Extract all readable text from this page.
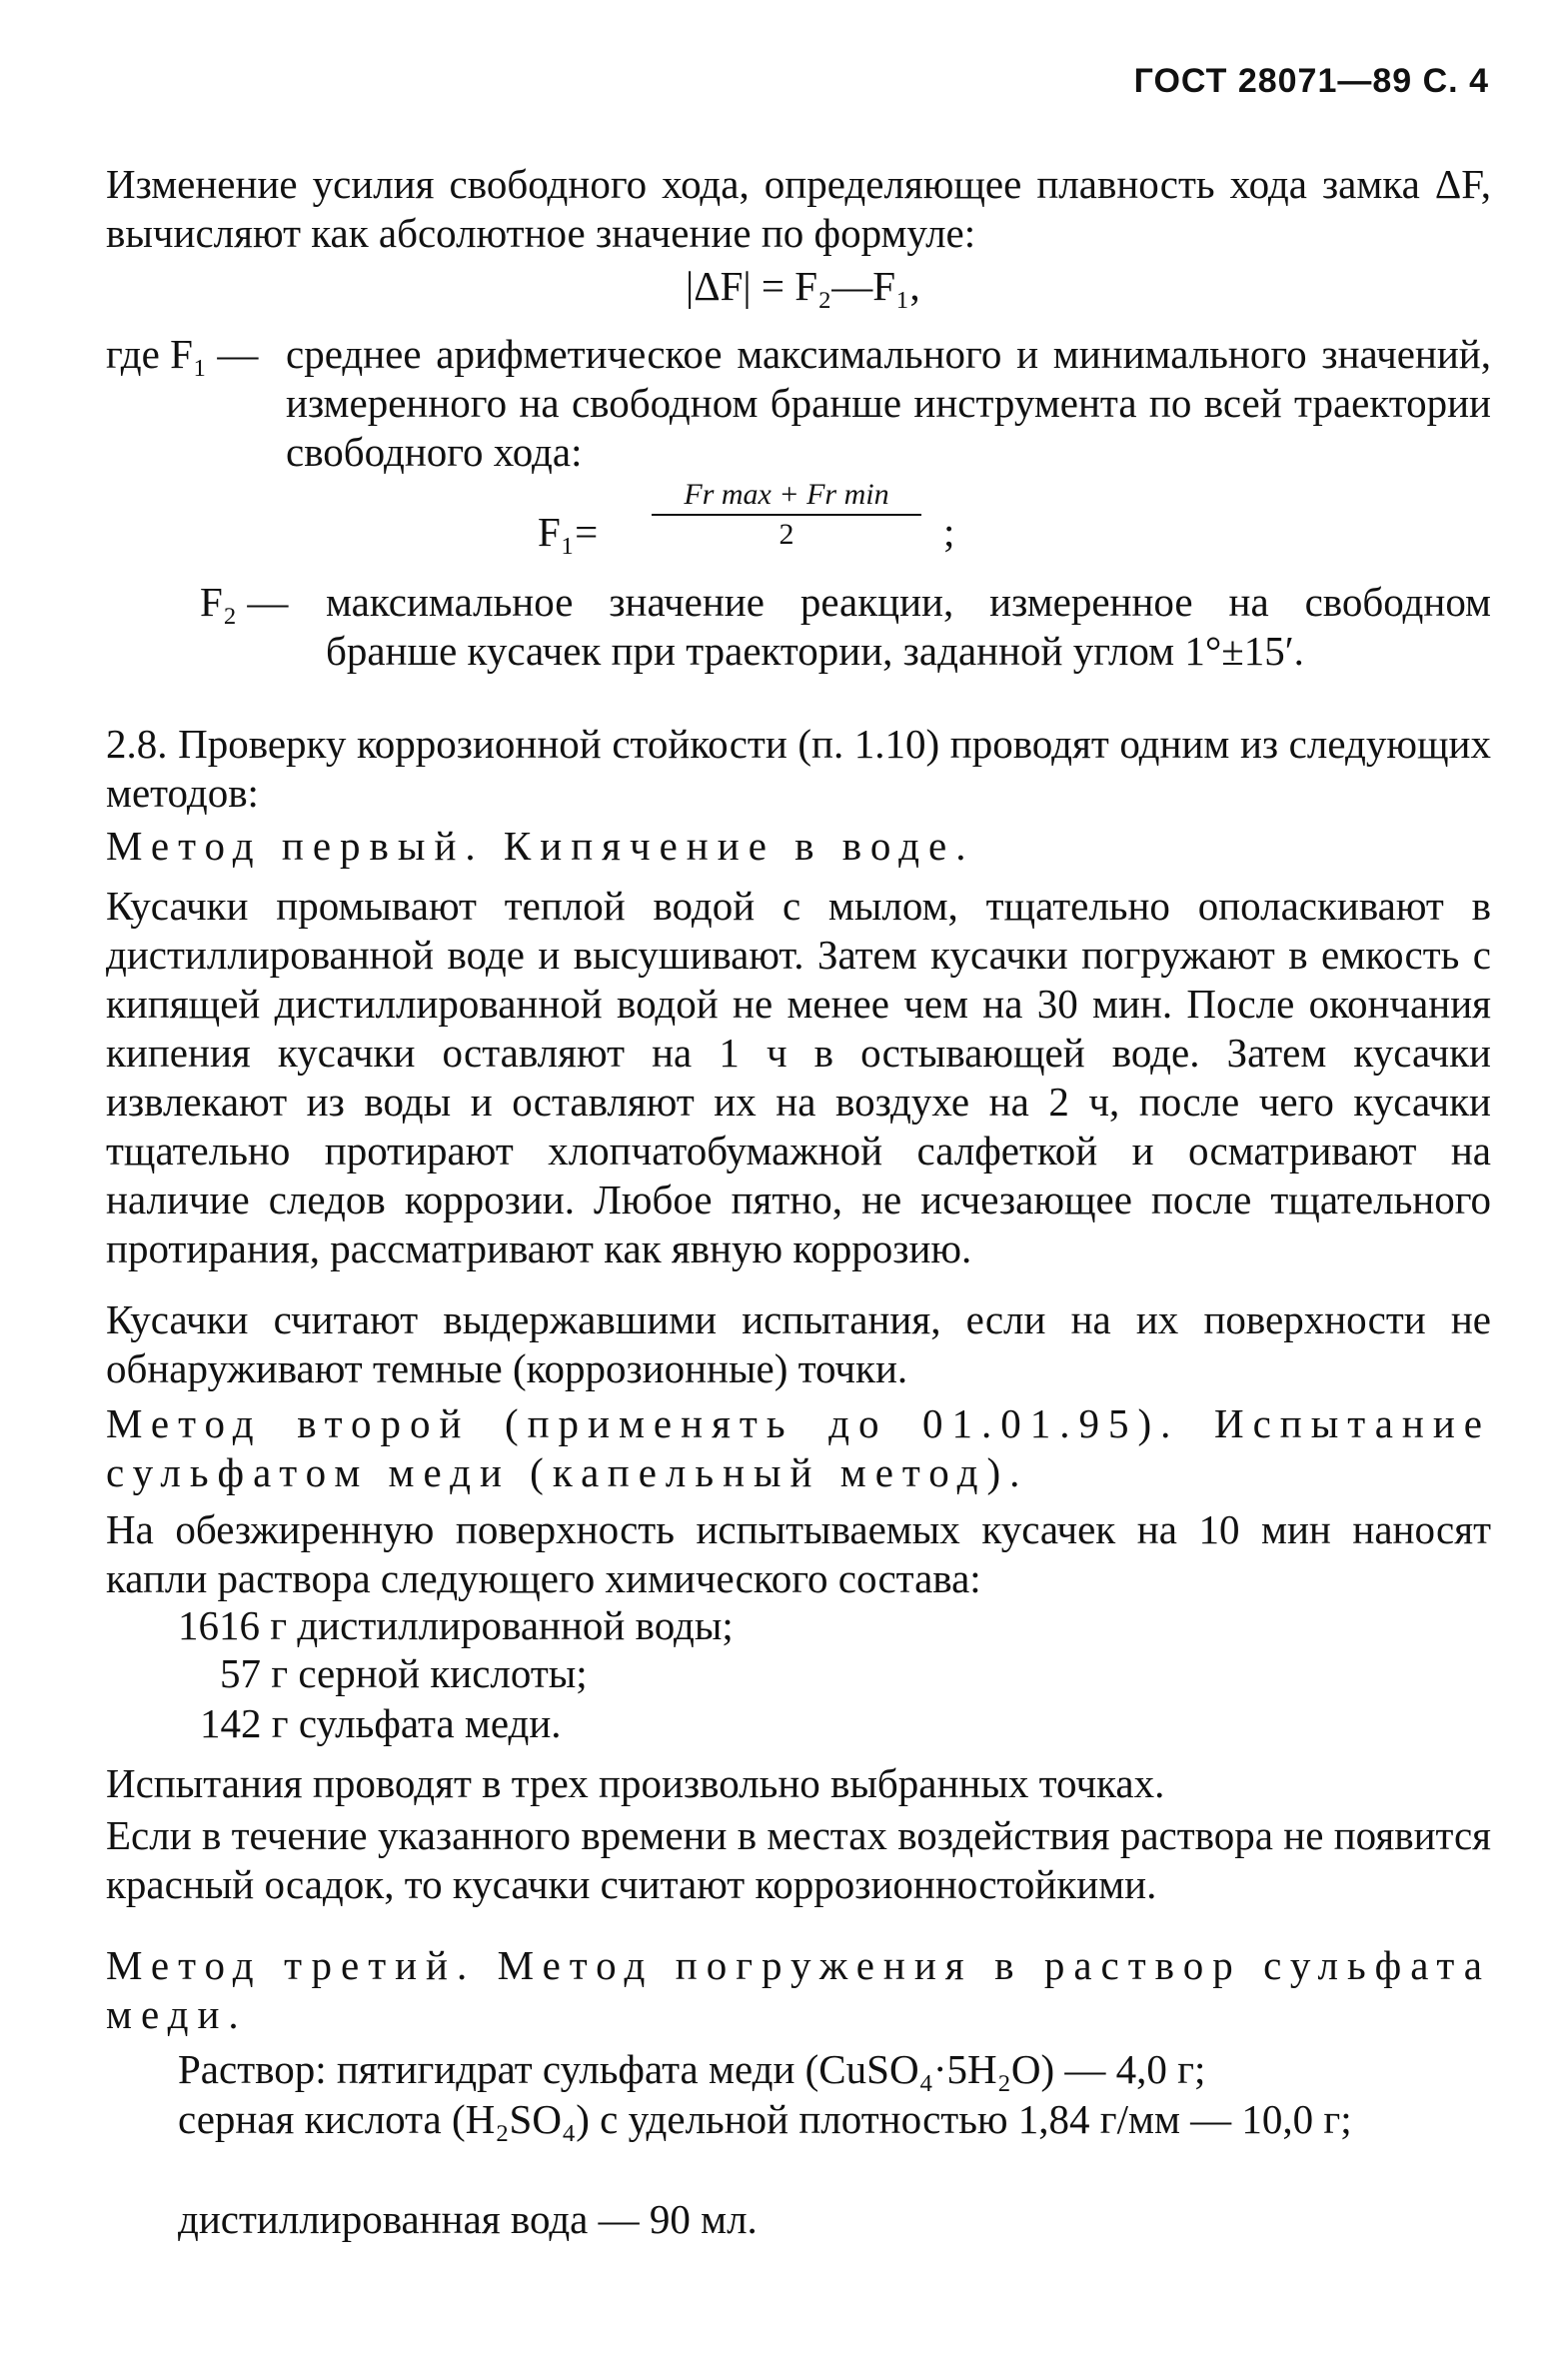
ГОСТ 28071—89 С. 4
Изменение усилия свободного хода, определяющее плавность хода замка ΔF, вычисляют как абсолютное значение по формуле:
|ΔF| = F₂—F₁,
где F₁ — среднее арифметическое максимального и минимального значений, измеренного на свободном бранше инструмента по всей траектории свободного хода:
F₁=
Fr max + Fr min
2	;
F₂ — максимальное значение реакции, измеренное на свободном бранше кусачек при траектории, заданной углом 1°±15′.
2.8. Проверку коррозионной стойкости (п. 1.10) проводят одним из следующих методов:
Метод первый. Кипячение в воде.
Кусачки промывают теплой водой с мылом, тщательно ополаскивают в дистиллированной воде и высушивают. Затем кусачки погружают в емкость с кипящей дистиллированной водой не менее чем на 30 мин. После окончания кипения кусачки оставляют на 1 ч в остывающей воде. Затем кусачки извлекают из воды и оставляют их на воздухе на 2 ч, после чего кусачки тщательно протирают хлопчатобумажной салфеткой и осматривают на наличие следов коррозии. Любое пятно, не исчезающее после тщательного протирания, рассматривают как явную коррозию.
Кусачки считают выдержавшими испытания, если на их поверхности не обнаруживают темные (коррозионные) точки.
Метод второй (применять до 01.01.95). Испытание сульфатом меди (капельный метод).
На обезжиренную поверхность испытываемых кусачек на 10 мин наносят капли раствора следующего химического состава:
1616 г дистиллированной воды;
57 г серной кислоты;
142 г сульфата меди.
Испытания проводят в трех произвольно выбранных точках.
Если в течение указанного времени в местах воздействия раствора не появится красный осадок, то кусачки считают коррозионностойкими.
Метод третий. Метод погружения в раствор сульфата меди.
Раствор: пятигидрат сульфата меди (CuSO₄·5H₂O) — 4,0 г;
серная кислота (H₂SO₄) с удельной плотностью 1,84 г/мм — 10,0 г;
дистиллированная вода — 90 мл.
